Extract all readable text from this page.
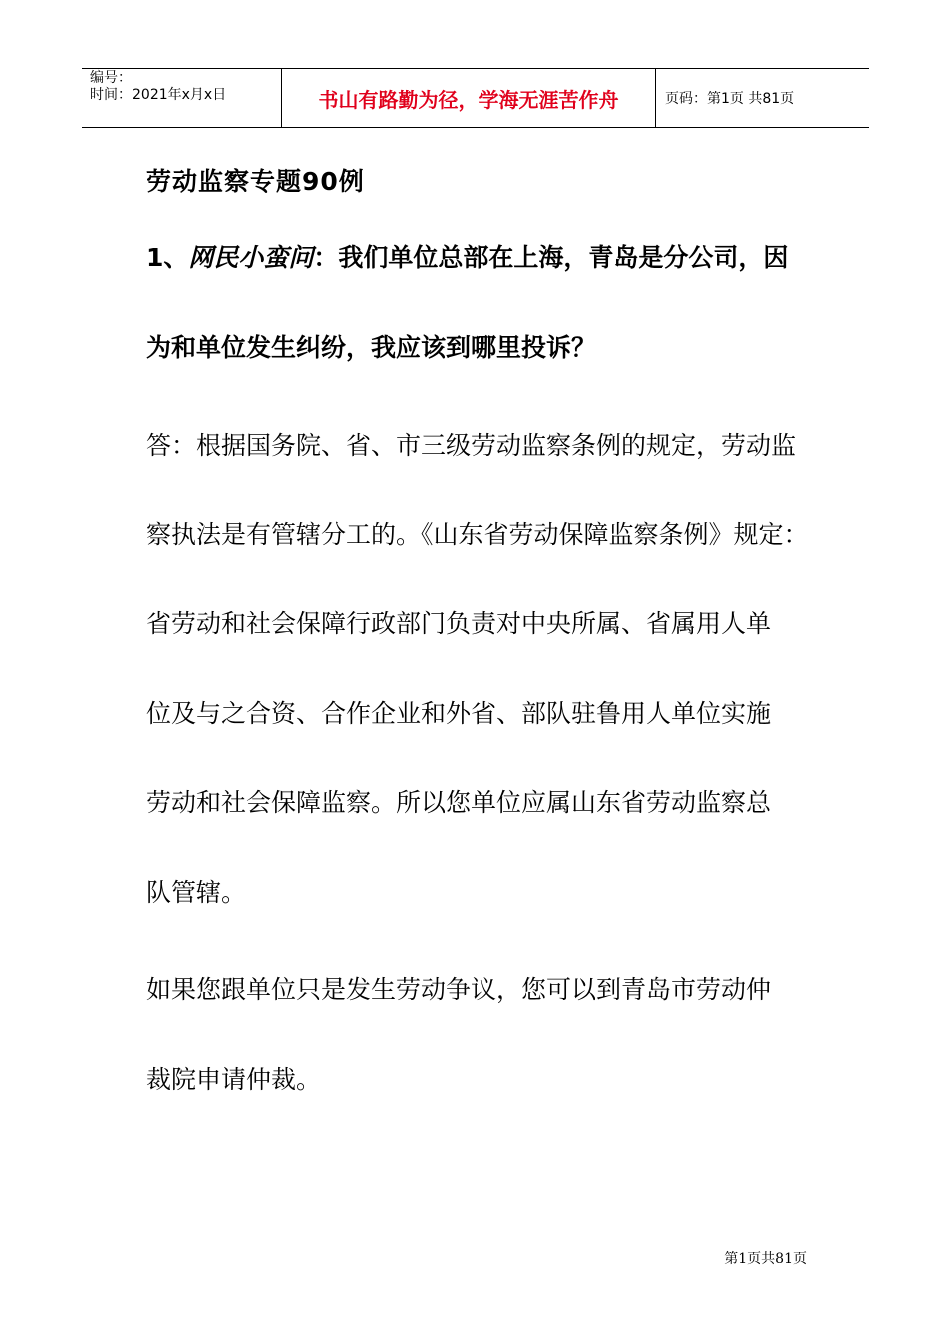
编号：
时间：2021年x月x日	书山有路勤为径，学海无涯苦作舟	页码：第1页 共81页
劳动监察专题90例

1、网民小蛮问：我们单位总部在上海，青岛是分公司，因

为和单位发生纠纷，我应该到哪里投诉？

答：根据国务院、省、市三级劳动监察条例的规定，劳动监

察执法是有管辖分工的。《山东省劳动保障监察条例》规定：

省劳动和社会保障行政部门负责对中央所属、省属用人单

位及与之合资、合作企业和外省、部队驻鲁用人单位实施

劳动和社会保障监察。所以您单位应属山东省劳动监察总

队管辖。

如果您跟单位只是发生劳动争议，您可以到青岛市劳动仲

裁院申请仲裁。

第1页共81页
